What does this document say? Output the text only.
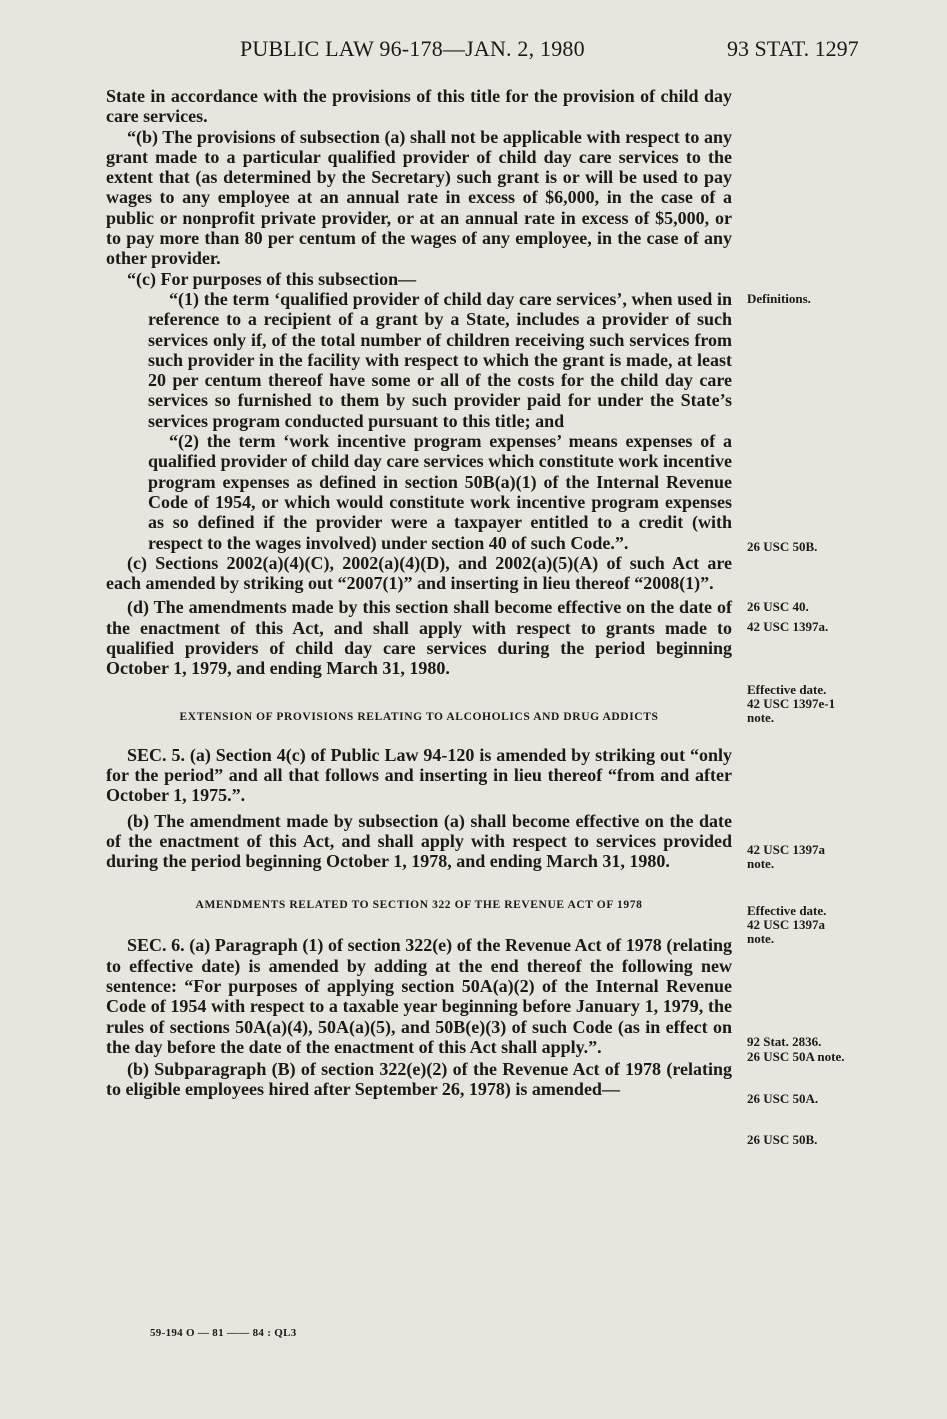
PUBLIC LAW 96-178—JAN. 2, 1980	93 STAT. 1297

State in accordance with the provisions of this title for the provision of child day care services.

“(b) The provisions of subsection (a) shall not be applicable with respect to any grant made to a particular qualified provider of child day care services to the extent that (as determined by the Secretary) such grant is or will be used to pay wages to any employee at an annual rate in excess of $6,000, in the case of a public or nonprofit private provider, or at an annual rate in excess of $5,000, or to pay more than 80 per centum of the wages of any employee, in the case of any other provider.

“(c) For purposes of this subsection—

“(1) the term ‘qualified provider of child day care services’, when used in reference to a recipient of a grant by a State, includes a provider of such services only if, of the total number of children receiving such services from such provider in the facility with respect to which the grant is made, at least 20 per centum thereof have some or all of the costs for the child day care services so furnished to them by such provider paid for under the State’s services program conducted pursuant to this title; and

“(2) the term ‘work incentive program expenses’ means expenses of a qualified provider of child day care services which constitute work incentive program expenses as defined in section 50B(a)(1) of the Internal Revenue Code of 1954, or which would constitute work incentive program expenses as so defined if the provider were a taxpayer entitled to a credit (with respect to the wages involved) under section 40 of such Code.”.

(c) Sections 2002(a)(4)(C), 2002(a)(4)(D), and 2002(a)(5)(A) of such Act are each amended by striking out “2007(1)” and inserting in lieu thereof “2008(1)”.

(d) The amendments made by this section shall become effective on the date of the enactment of this Act, and shall apply with respect to grants made to qualified providers of child day care services during the period beginning October 1, 1979, and ending March 31, 1980.

EXTENSION OF PROVISIONS RELATING TO ALCOHOLICS AND DRUG ADDICTS

SEC. 5. (a) Section 4(c) of Public Law 94-120 is amended by striking out “only for the period” and all that follows and inserting in lieu thereof “from and after October 1, 1975.”.

(b) The amendment made by subsection (a) shall become effective on the date of the enactment of this Act, and shall apply with respect to services provided during the period beginning October 1, 1978, and ending March 31, 1980.

AMENDMENTS RELATED TO SECTION 322 OF THE REVENUE ACT OF 1978

SEC. 6. (a) Paragraph (1) of section 322(e) of the Revenue Act of 1978 (relating to effective date) is amended by adding at the end thereof the following new sentence: “For purposes of applying section 50A(a)(2) of the Internal Revenue Code of 1954 with respect to a taxable year beginning before January 1, 1979, the rules of sections 50A(a)(4), 50A(a)(5), and 50B(e)(3) of such Code (as in effect on the day before the date of the enactment of this Act shall apply.”.

(b) Subparagraph (B) of section 322(e)(2) of the Revenue Act of 1978 (relating to eligible employees hired after September 26, 1978) is amended—

Definitions.
26 USC 50B.
26 USC 40.
42 USC 1397a.
Effective date.
42 USC 1397e-1
note.
42 USC 1397a
note.
Effective date.
42 USC 1397a
note.
92 Stat. 2836.
26 USC 50A note.
26 USC 50A.
26 USC 50B.
59-194 O — 81 —— 84 : QL3
